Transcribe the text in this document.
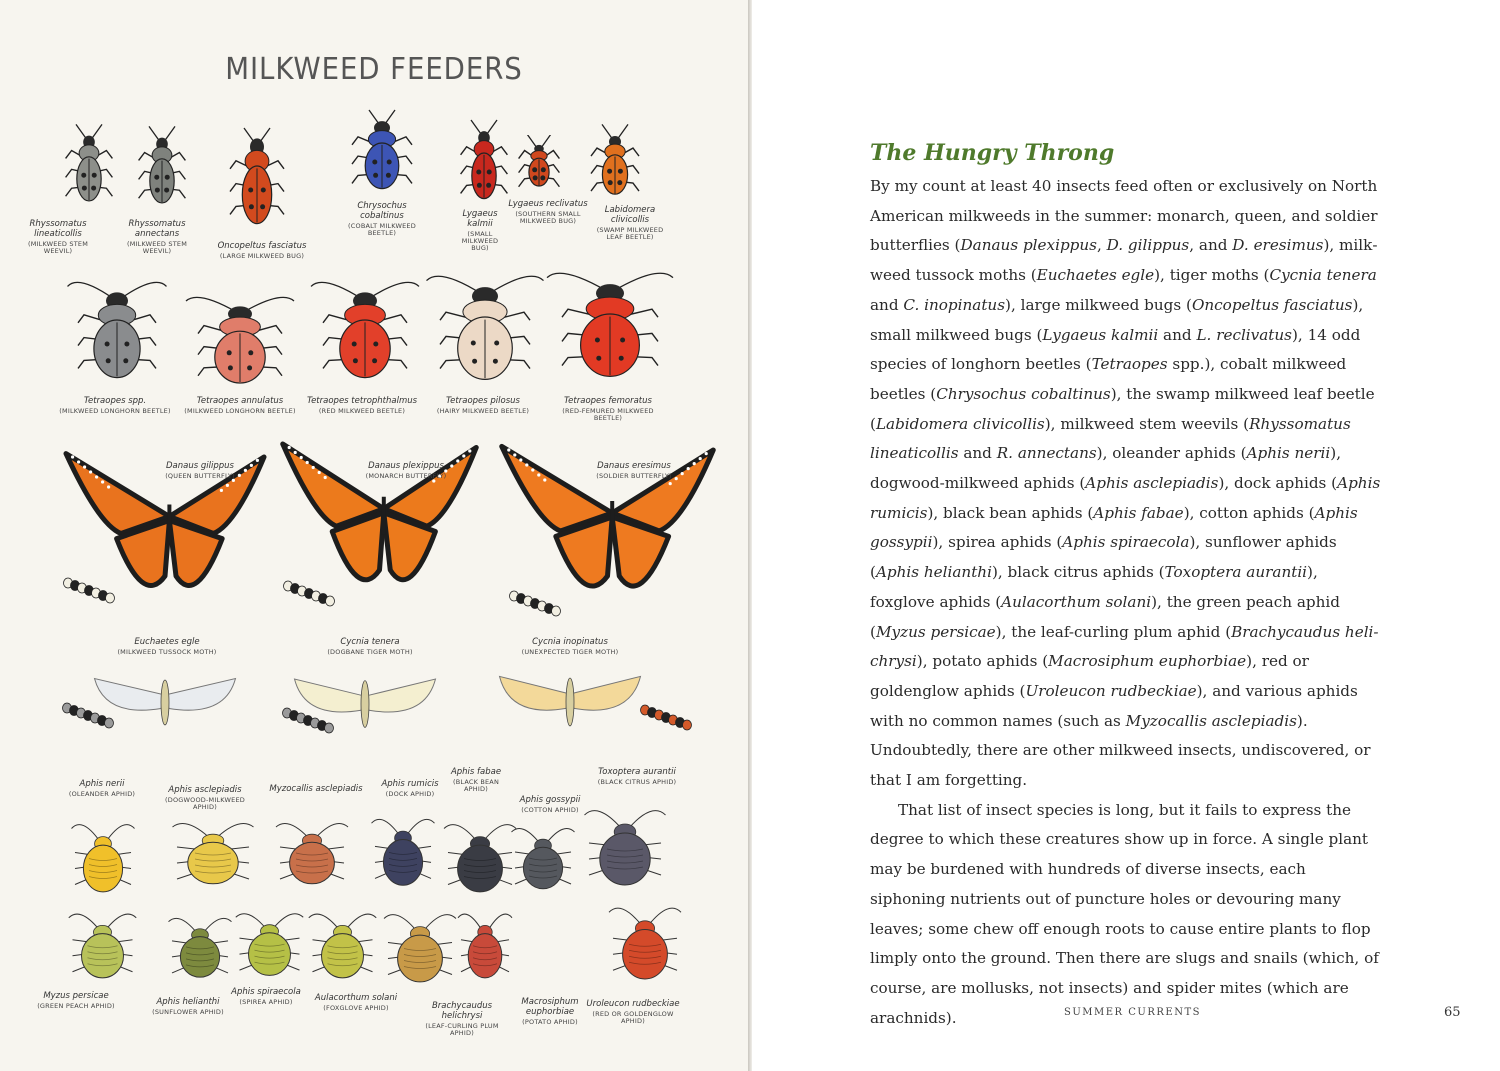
MILKWEED FEEDERS
Rhyssomatus lineaticollis
(MILKWEED STEM WEEVIL)
Rhyssomatus annectans
(MILKWEED STEM WEEVIL)	Oncopeltus fasciatus
(LARGE MILKWEED BUG)
Chrysochus cobaltinus
(COBALT MILKWEED BEETLE)
Lygaeus kalmii
(SMALL MILKWEED BUG)
Lygaeus reclivatus
(SOUTHERN SMALL MILKWEED BUG)
Labidomera clivicollis
(SWAMP MILKWEED LEAF BEETLE)
Tetraopes spp.
(MILKWEED LONGHORN BEETLE)
Tetraopes annulatus
(MILKWEED LONGHORN BEETLE)
Tetraopes tetrophthalmus
(RED MILKWEED BEETLE)
Tetraopes pilosus
(HAIRY MILKWEED BEETLE)
Tetraopes femoratus
(RED-FEMURED MILKWEED BEETLE)
Danaus gilippus
(QUEEN BUTTERFLY)
Danaus plexippus
(MONARCH BUTTERFLY)
Danaus eresimus
(SOLDIER BUTTERFLY)
Euchaetes egle
(MILKWEED TUSSOCK MOTH)
Cycnia tenera
(DOGBANE TIGER MOTH)
Cycnia inopinatus
(UNEXPECTED TIGER MOTH)
Aphis nerii
(OLEANDER APHID)	Aphis asclepiadis
(DOGWOOD-MILKWEED APHID)
Myzocallis asclepiadis	Aphis rumicis
(DOCK APHID)
Aphis fabae
(BLACK BEAN APHID)
Aphis gossypii
(COTTON APHID)
Toxoptera aurantii
(BLACK CITRUS APHID)
Myzus persicae
(GREEN PEACH APHID)	Aphis helianthi
(SUNFLOWER APHID)
Aphis spiraecola
(SPIREA APHID)	Aulacorthum solani
(FOXGLOVE APHID)	Brachycaudus helichrysi
(LEAF-CURLING PLUM APHID)
Macrosiphum euphorbiae
(POTATO APHID)
Uroleucon rudbeckiae
(RED OR GOLDENGLOW APHID)
The Hungry Throng

By my count at least 40 insects feed often or exclusively on North American milkweeds in the summer: monarch, queen, and soldier butterflies (Danaus plexippus, D. gilippus, and D. eresimus), milkweed tussock moths (Euchaetes egle), tiger moths (Cycnia tenera and C. inopinatus), large milkweed bugs (Oncopeltus fasciatus), small milkweed bugs (Lygaeus kalmii and L. reclivatus), 14 odd species of longhorn beetles (Tetraopes spp.), cobalt milkweed beetles (Chrysochus cobaltinus), the swamp milkweed leaf beetle (Labidomera clivicollis), milkweed stem weevils (Rhyssomatus lineaticollis and R. annectans), oleander aphids (Aphis nerii), dogwood-milkweed aphids (Aphis asclepiadis), dock aphids (Aphis rumicis), black bean aphids (Aphis fabae), cotton aphids (Aphis gossypii), spirea aphids (Aphis spiraecola), sunflower aphids (Aphis helianthi), black citrus aphids (Toxoptera aurantii), foxglove aphids (Aulacorthum solani), the green peach aphid (Myzus persicae), the leaf-curling plum aphid (Brachycaudus helichrysi), potato aphids (Macrosiphum euphorbiae), red or goldenglow aphids (Uroleucon rudbeckiae), and various aphids with no common names (such as Myzocallis asclepiadis). Undoubtedly, there are other milkweed insects, undiscovered, or that I am forgetting.

That list of insect species is long, but it fails to express the degree to which these creatures show up in force. A single plant may be burdened with hundreds of diverse insects, each siphoning nutrients out of puncture holes or devouring many leaves; some chew off enough roots to cause entire plants to flop limply onto the ground. Then there are slugs and snails (which, of course, are mollusks, not insects) and spider mites (which are arachnids).	SUMMER CURRENTS	65
